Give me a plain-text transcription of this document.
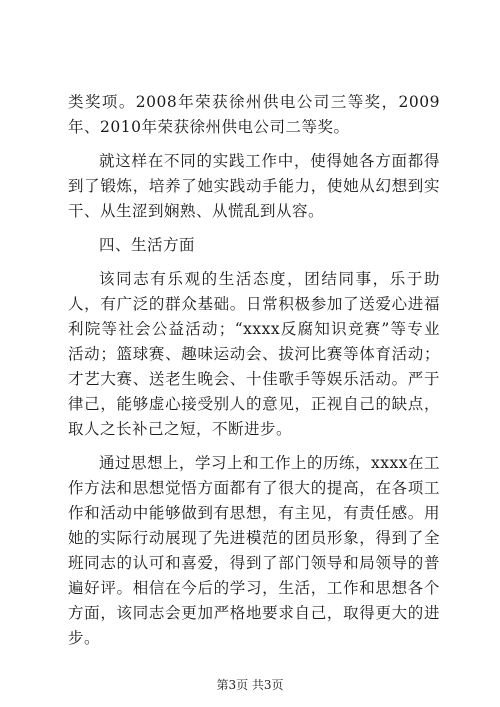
类奖项。2008年荣获徐州供电公司三等奖，2009年、2010年荣获徐州供电公司二等奖。

就这样在不同的实践工作中，使得她各方面都得到了锻炼，培养了她实践动手能力，使她从幻想到实干、从生涩到娴熟、从慌乱到从容。

四、生活方面

该同志有乐观的生活态度，团结同事，乐于助人，有广泛的群众基础。日常积极参加了送爱心进福利院等社会公益活动；“xxxx反腐知识竞赛”等专业活动；篮球赛、趣味运动会、拔河比赛等体育活动；才艺大赛、送老生晚会、十佳歌手等娱乐活动。严于律己，能够虚心接受别人的意见，正视自己的缺点，取人之长补己之短，不断进步。

通过思想上，学习上和工作上的历练，xxxx在工作方法和思想觉悟方面都有了很大的提高，在各项工作和活动中能够做到有思想，有主见，有责任感。用她的实际行动展现了先进模范的团员形象，得到了全班同志的认可和喜爱，得到了部门领导和局领导的普遍好评。相信在今后的学习，生活，工作和思想各个方面，该同志会更加严格地要求自己，取得更大的进步。

第3页 共3页
